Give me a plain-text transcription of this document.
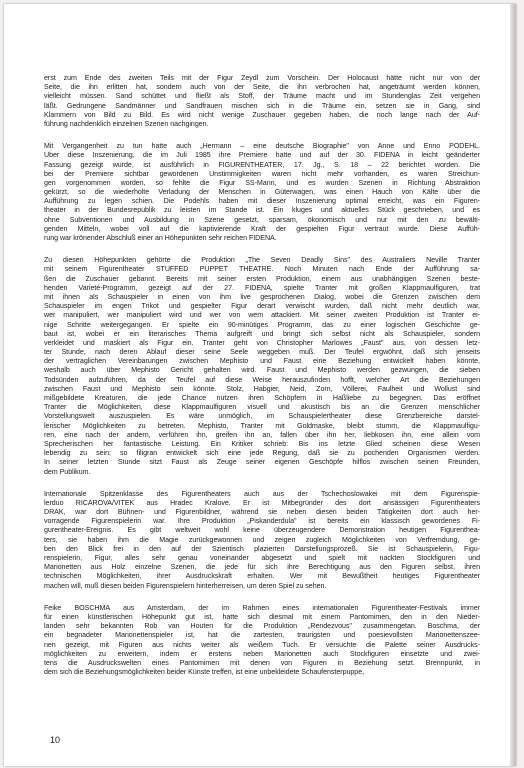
erst zum Ende des zweiten Teils mit der Figur Zeydl zum Vorschein. Der Holocaust hätte nicht nur von der
Seite, die ihn erlitten hat, sondern auch von der Seite, die ihn verbrochen hat, angeträumt werden können,
vielleicht müssen. Sand schüttet und fließt als Stoff, der Träume macht und im Stundenglas Zeit vergehen
läßt. Gedrungene Sandmänner und Sandfrauen mischen sich in die Träume ein, setzen sie in Gang, sind
Klammern von Bild zu Bild. Es wird nicht wenige Zuschauer gegeben haben, die noch lange nach der Auf-
führung nachdenklich einzelnen Szenen nachgingen.
Mit Vergangenheit zu tun hatte auch „Hermann – eine deutsche Biographie" von Anne und Enno PODEHL.
Über diese Inszenierung, die im Juli 1985 ihre Premiere hatte und auf der 30. FIDENA in leicht geänderter
Fassung gezeigt wurde, ist ausführlich in FIGURENTHEATER, 17. Jg., S. 18 – 22 berichtet worden. Die
bei der Premiere sichtbar gewordenen Unstimmigkeiten waren nicht mehr vorhanden, es waren Streichun-
gen vorgenommen worden, so fehlte die Figur SS-Mann, und es wurden Szenen in Richtung Abstraktion
gekürzt, so die wiederholte Verladung der Menschen in Güterwagen, was einen Hauch von Kälte über die
Aufführung zu legen schien. Die Podehls haben mit dieser Inszenierung optimal erreicht, was ein Figuren-
theater in der Bundesrepublik zu leisten im Stande ist. Ein kluges und aktuelles Stück geschrieben, und es
ohne Subventionen und Ausbildung in Szene gesetzt, sparsam, ökonomisch und nur mit den zu bewälti-
genden Mitteln, wobei voll auf die kaptivierende Kraft der gespielten Figur vertraut wurde. Diese Auffüh-
rung war krönender Abschluß einer an Höhepunkten sehr reichen FIDENA.
Zu diesen Höhepunkten gehörte die Produktion „The Seven Deadly Sins" des Australiers Neville Tranter
mit seinem Figurentheater STUFFED PUPPET THEATRE. Noch Minuten nach Ende der Aufführung sa-
ßen die Zuschauer gebannt. Bereits mit seiner ersten Produktion, einem aus unabhängigen Szenen beste-
henden Varieté-Programm, gezeigt auf der 27. FIDENA, spielte Tranter mit großen Klappmaulfiguren, trat
mit ihnen als Schauspieler in einen von ihm live gesprochenen Dialog, wobei die Grenzen zwischen dem
Schauspieler im engen Trikot und gespielter Figur derart verwischt wurden, daß nicht mehr deutlich war,
wer manipuliert, wer manipuliert wird und wer von wem attackiert. Mit seiner zweiten Produktion ist Tranter ei-
nige Schritte weitergegangen. Er spielte ein 90-minütiges Programm, das zu einer logischen Geschichte ge-
baut ist, wobei er ein literarisches Thema aufgreift und bringt sich selbst nicht als Schauspieler, sondern
verkleidet und maskiert als Figur ein. Tranter geht von Christopher Marlowes „Faust" aus, von dessen letz-
ter Stunde, nach deren Ablauf dieser seine Seele weggeben muß. Der Teufel ergwöhnt, daß sich jenseits
der vertraglichen Vereinbarungen zwischen Mephisto und Faust eine Beziehung entwickelt haben könnte,
weshalb auch über Mephisto Gericht gehalten wird. Faust und Mephisto werden gezwungen, die sieben
Todsünden aufzuführen, da der Teufel auf diese Weise herauszufinden hofft, welcher Art die Beziehungen
zwischen Faust und Mephisto sein könnte. Stolz, Habgier, Neid, Zorn, Völlerei, Faulheit und Wollust sind
mißgebildete Kreaturen, die jede Chance nutzen ihren Schöpfern in Haßliebe zu begegnen. Das eröffnet
Tranter die Möglichkeiten, diese Klappmaulfiguren visuell und akustisch bis an die Grenzen menschlicher
Vorstellungswelt auszuspielen. Es wäre unmöglich, im Schauspielertheater diese Grenzbereiche darstel-
lerischer Möglichkeiten zu betreten. Mephisto, Tranter mit Goldmaske, bleibt stumm, die Klappmaulfigu-
ren, eine nach der andern, verführen ihn, greifen ihn an, fallen über ihn her, liebkosen ihn, eine allein vom
Sprecherischen her fantastische Leistung. Ein Kritiker schrieb: Bis ins letzte Glied scheinen diese Wesen
lebendig zu sein; so filigran entwickelt sich eine jede Regung, daß sie zu pochenden Organismen werden.
In seiner letzten Stunde sitzt Faust als Zeuge seiner eigenen Geschöpfe hilflos zwischen seinen Freunden,
dem Publikum.
Internationale Spitzenklasse des Figurentheaters auch aus der Tschechoslowakei mit dem Figurenspie-
lerduo RICAROVA/VITEK aus Hradec Kralove. Er ist Mitbegründer des dort ansässigen Figurentheaters
DRAK, war dort Bühnen- und Figurenbildner, während sie neben diesen beiden Tätigkeiten dort auch her-
vorragende Figurenspielerin war. Ihre Produktion „Piskanderdula" ist bereits ein klassisch gewordenes Fi-
gurentheater-Ereignis. Es gibt weltweit wohl keine überzeugendere Demonstration heutigen Figurenthea-
ters, sie haben ihm die Magie zurückgewonnen und zeigen zugleich Möglichkeiten von Verfremdung, ge-
ben den Blick frei in den auf der Szientisch plazierten Darstellungsprozeß. Sie ist Schauspielerin, Figu-
renspielerin, Figur, alles sehr genau voneinander abgesetzt und spielt mit nackten Stockfiguren und
Marionetten aus Holz einzelne Szenen, die jede für sich ihre Berechtigung aus den Figuren selbst, ihren
technischen Möglichkeiten, ihrer Ausdruckskraft erhalten. Wer mit Bewußtheit heutiges Figurentheater
machen will, muß diesen beiden Figurenspielern hinterherreisen, um deren Spiel zu sehen.
Feike BOSCHMA aus Amsterdam, der im Rahmen eines internationalen Figurentheater-Festivals immer
für einen künstlerischen Höhepunkt gut ist, hatte sich diesmal mit einem Pantomimen, den in den Nieder-
landen sehr bekannten Rob van Houten für die Produktion „Rendezvous" zusammengetan. Boschma, der
ein begnadeter Marionettenspieler ist, hat die zartesten, traurigsten und poesievollsten Marionettenszee-
nen gezeigt, mit Figuren aus nichts weiter als weißem Tuch. Er versuchte die Palette seiner Ausdrucks-
möglichkeiten zu erweitern, indem er erstens neben Marionetten auch Stockfiguren einsetzte und zwei-
tens die Ausdruckswelten eines Pantomimen mit denen von Figuren in Beziehung setzt. Brennpunkt, in
dem sich die Beziehungsmöglichkeiten beider Künste treffen, ist eine unbekleidete Schaufensterpuppe,
10
